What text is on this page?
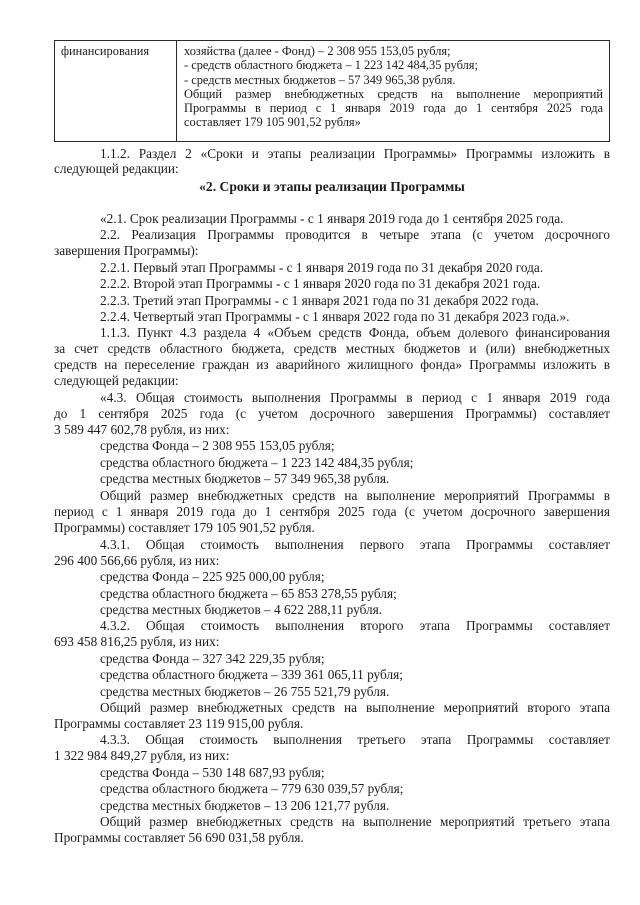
финансирования	хозяйства (далее - Фонд) – 2 308 955 153,05 рубля;
- средств областного бюджета – 1 223 142 484,35 рубля;
- средств местных бюджетов – 57 349 965,38 рубля.
Общий размер внебюджетных средств на выполнение мероприятий
Программы в период с 1 января 2019 года до 1 сентября 2025 года
составляет 179 105 901,52 рубля»
1.1.2. Раздел 2 «Сроки и этапы реализации Программы» Программы изложить в
следующей редакции:
«2. Сроки и этапы реализации Программы
«2.1. Срок реализации Программы - с 1 января 2019 года до 1 сентября 2025 года.
2.2. Реализация Программы проводится в четыре этапа (с учетом досрочного
завершения Программы):
2.2.1. Первый этап Программы - с 1 января 2019 года по 31 декабря 2020 года.
2.2.2. Второй этап Программы - с 1 января 2020 года по 31 декабря 2021 года.
2.2.3. Третий этап Программы - с 1 января 2021 года по 31 декабря 2022 года.
2.2.4. Четвертый этап Программы - с 1 января 2022 года по 31 декабря 2023 года.».
1.1.3. Пункт 4.3 раздела 4 «Объем средств Фонда, объем долевого финансирования
за счет средств областного бюджета, средств местных бюджетов и (или) внебюджетных
средств на переселение граждан из аварийного жилищного фонда» Программы изложить в
следующей редакции:
«4.3. Общая стоимость выполнения Программы в период с 1 января 2019 года
до 1 сентября 2025 года (с учетом досрочного завершения Программы) составляет
3 589 447 602,78 рубля, из них:
средства Фонда – 2 308 955 153,05 рубля;
средства областного бюджета – 1 223 142 484,35 рубля;
средства местных бюджетов – 57 349 965,38 рубля.
Общий размер внебюджетных средств на выполнение мероприятий Программы в
период с 1 января 2019 года до 1 сентября 2025 года (с учетом досрочного завершения
Программы) составляет 179 105 901,52 рубля.
4.3.1. Общая стоимость выполнения первого этапа Программы составляет
296 400 566,66 рубля, из них:
средства Фонда – 225 925 000,00 рубля;
средства областного бюджета – 65 853 278,55 рубля;
средства местных бюджетов – 4 622 288,11 рубля.
4.3.2. Общая стоимость выполнения второго этапа Программы составляет
693 458 816,25 рубля, из них:
средства Фонда – 327 342 229,35 рубля;
средства областного бюджета – 339 361 065,11 рубля;
средства местных бюджетов – 26 755 521,79 рубля.
Общий размер внебюджетных средств на выполнение мероприятий второго этапа
Программы составляет 23 119 915,00 рубля.
4.3.3. Общая стоимость выполнения третьего этапа Программы составляет
1 322 984 849,27 рубля, из них:
средства Фонда – 530 148 687,93 рубля;
средства областного бюджета – 779 630 039,57 рубля;
средства местных бюджетов – 13 206 121,77 рубля.
Общий размер внебюджетных средств на выполнение мероприятий третьего этапа
Программы составляет 56 690 031,58 рубля.
